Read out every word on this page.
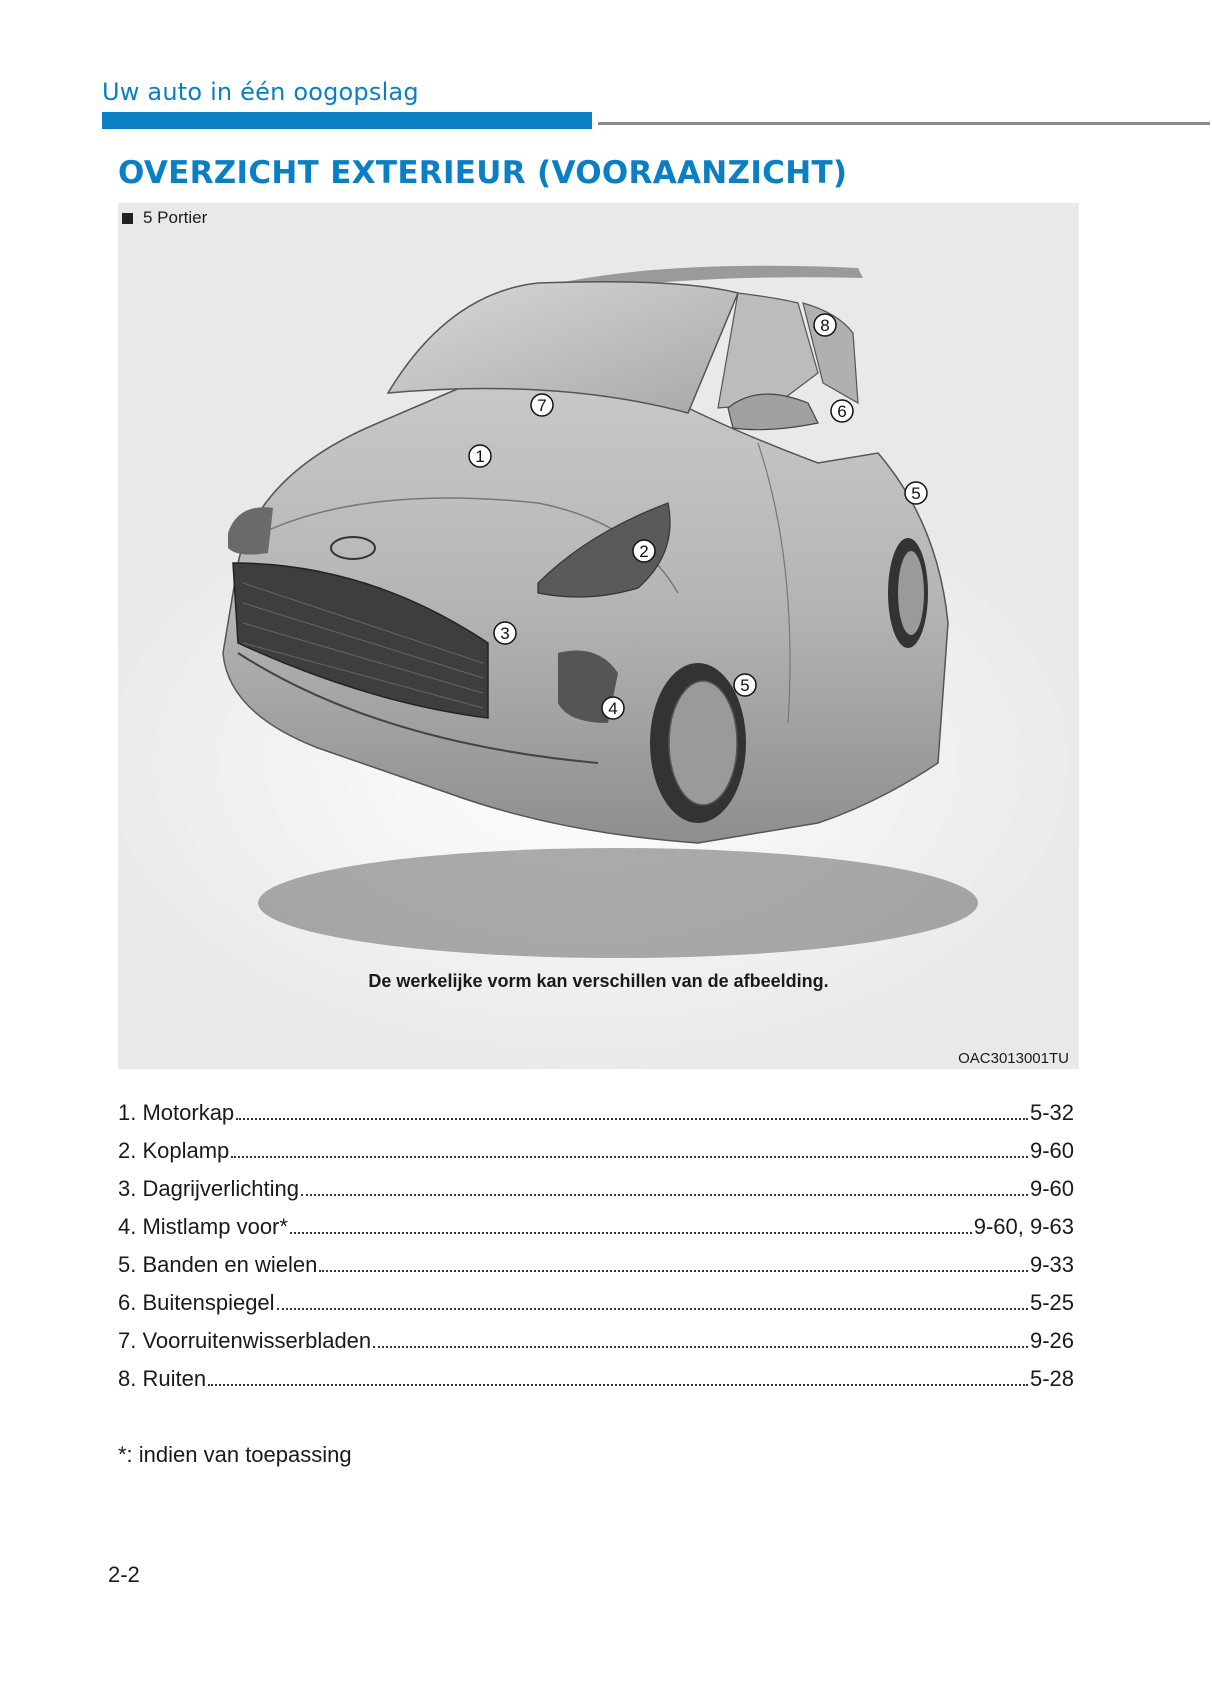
Uw auto in één oogopslag
OVERZICHT EXTERIEUR (VOORAANZICHT)
5 Portier
1
2
3
4
5
5
6
7
8
De werkelijke vorm kan verschillen van de afbeelding.
OAC3013001TU
1. Motorkap	5-32
2. Koplamp	9-60
3. Dagrijverlichting	9-60
4. Mistlamp voor*	9-60, 9-63
5. Banden en wielen	9-33
6. Buitenspiegel	5-25
7. Voorruitenwisserbladen	9-26
8. Ruiten	5-28
*: indien van toepassing
2-2
